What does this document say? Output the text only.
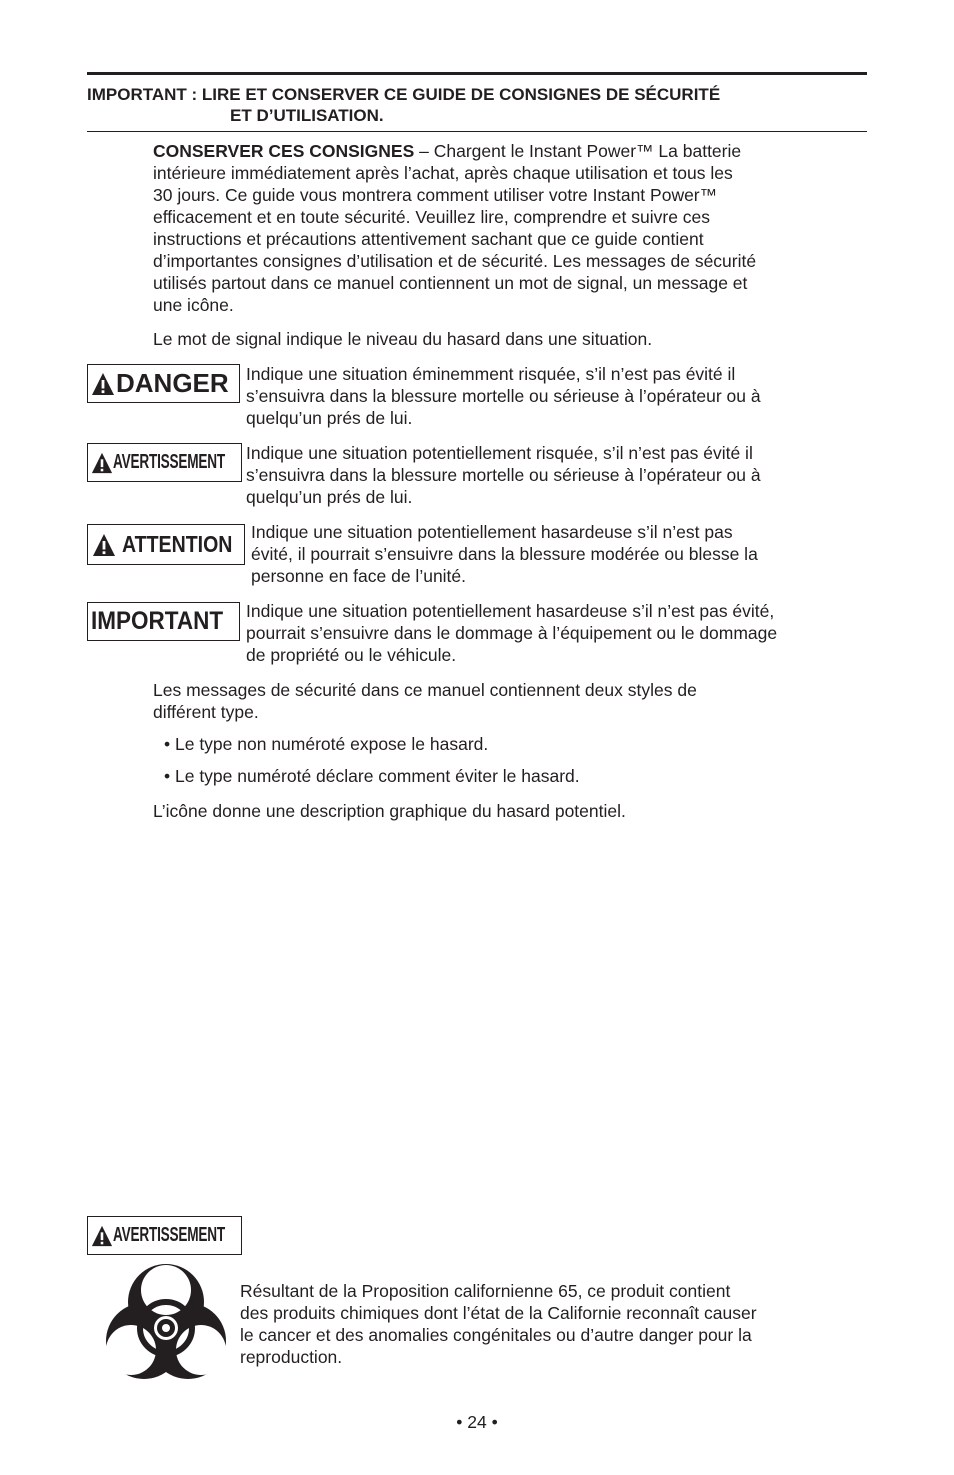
IMPORTANT : LIRE ET CONSERVER CE GUIDE DE CONSIGNES DE SÉCURITÉ
ET D’UTILISATION.
CONSERVER CES CONSIGNES – Chargent le Instant Power™ La batterie
intérieure immédiatement après l’achat, après chaque utilisation et tous les
30 jours. Ce guide vous montrera comment utiliser votre Instant Power™
efficacement et en toute sécurité. Veuillez lire, comprendre et suivre ces
instructions et précautions attentivement sachant que ce guide contient
d’importantes consignes d’utilisation et de sécurité. Les messages de sécurité
utilisés partout dans ce manuel contiennent un mot de signal, un message et
une icône.
Le mot de signal indique le niveau du hasard dans une situation.
DANGER Indique une situation éminemment risquée, s’il n’est pas évité il
s’ensuivra dans la blessure mortelle ou sérieuse à l’opérateur ou à
quelqu’un prés de lui.
AVERTISSEMENT Indique une situation potentiellement risquée, s’il n’est pas évité il
s’ensuivra dans la blessure mortelle ou sérieuse à l’opérateur ou à
quelqu’un prés de lui.
ATTENTION Indique une situation potentiellement hasardeuse s’il n’est pas
évité, il pourrait s’ensuivre dans la blessure modérée ou blesse la
personne en face de l’unité.
IMPORTANT Indique une situation potentiellement hasardeuse s’il n’est pas évité,
pourrait s’ensuivre dans le dommage à l’équipement ou le dommage
de propriété ou le véhicule.
Les messages de sécurité dans ce manuel contiennent deux styles de
différent type.
• Le type non numéroté expose le hasard.
• Le type numéroté déclare comment éviter le hasard.
L’icône donne une description graphique du hasard potentiel.
AVERTISSEMENT
Résultant de la Proposition californienne 65, ce produit contient
des produits chimiques dont l’état de la Californie reconnaît causer
le cancer et des anomalies congénitales ou d’autre danger pour la
reproduction.
• 24 •
